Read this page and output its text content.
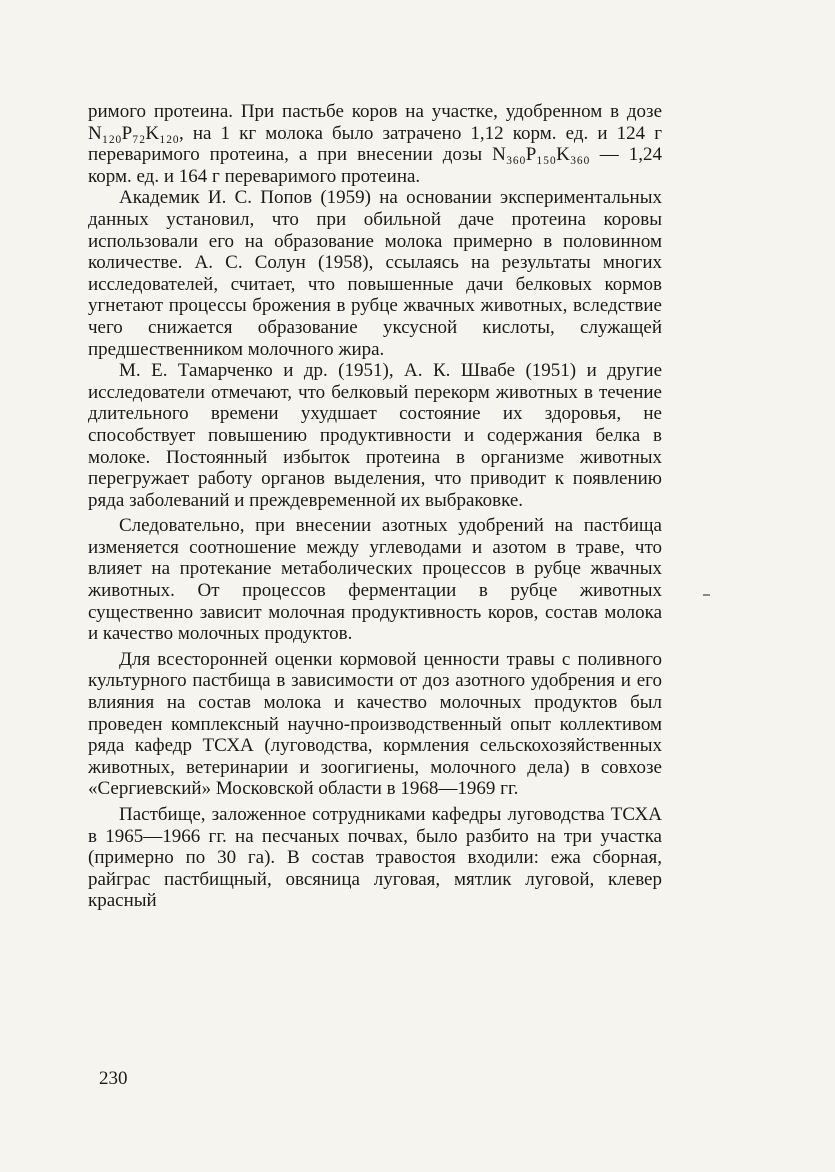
римого протеина. При пастьбе коров на участке, удобренном в дозе N₁₂₀P₇₂K₁₂₀, на 1 кг молока было затрачено 1,12 корм. ед. и 124 г переваримого протеина, а при внесении дозы N₃₆₀P₁₅₀K₃₆₀ — 1,24 корм. ед. и 164 г переваримого протеина.

Академик И. С. Попов (1959) на основании экспериментальных данных установил, что при обильной даче протеина коровы использовали его на образование молока примерно в половинном количестве. А. С. Солун (1958), ссылаясь на результаты многих исследователей, считает, что повышенные дачи белковых кормов угнетают процессы брожения в рубце жвачных животных, вследствие чего снижается образование уксусной кислоты, служащей предшественником молочного жира.

М. Е. Тамарченко и др. (1951), А. К. Швабе (1951) и другие исследователи отмечают, что белковый перекорм животных в течение длительного времени ухудшает состояние их здоровья, не способствует повышению продуктивности и содержания белка в молоке. Постоянный избыток протеина в организме животных перегружает работу органов выделения, что приводит к появлению ряда заболеваний и преждевременной их выбраковке.

Следовательно, при внесении азотных удобрений на пастбища изменяется соотношение между углеводами и азотом в траве, что влияет на протекание метаболических процессов в рубце жвачных животных. От процессов ферментации в рубце животных существенно зависит молочная продуктивность коров, состав молока и качество молочных продуктов.

Для всесторонней оценки кормовой ценности травы с поливного культурного пастбища в зависимости от доз азотного удобрения и его влияния на состав молока и качество молочных продуктов был проведен комплексный научно-производственный опыт коллективом ряда кафедр ТСХА (луговодства, кормления сельскохозяйственных животных, ветеринарии и зоогигиены, молочного дела) в совхозе «Сергиевский» Московской области в 1968—1969 гг.

Пастбище, заложенное сотрудниками кафедры луговодства ТСХА в 1965—1966 гг. на песчаных почвах, было разбито на три участка (примерно по 30 га). В состав травостоя входили: ежа сборная, райграс пастбищный, овсяница луговая, мятлик луговой, клевер красный

230
